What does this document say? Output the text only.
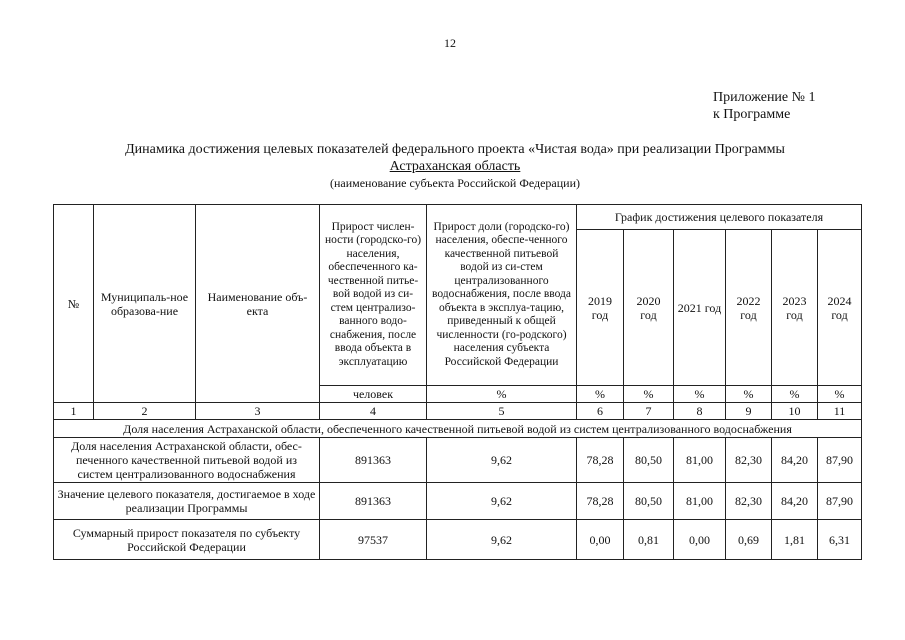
12
Приложение № 1
к Программе
Динамика достижения целевых показателей федерального проекта «Чистая вода» при реализации Программы
Астраханская область
(наименование субъекта Российской Федерации)
№	Муниципаль-ное образова-ние	Наименование объ-екта	Прирост числен-ности (городско-го) населения, обеспеченного ка-чественной питье-вой водой из си-стем централизо-ванного водо-снабжения, после ввода объекта в эксплуатацию	Прирост доли (городско-го) населения, обеспе-ченного качественной питьевой водой из си-стем централизованного водоснабжения, после ввода объекта в эксплуа-тацию, приведенный к общей численности (го-родского) населения субъекта Российской Федерации	График достижения целевого показателя					
					2019 год	2020 год	2021 год	2022 год	2023 год	2024 год
			человек	%	%	%	%	%	%	%
1	2	3	4	5	6	7	8	9	10	11
Доля населения Астраханской области, обеспеченного качественной питьевой водой из систем централизованного водоснабжения										
Доля населения Астраханской области, обес-печенного качественной питьевой водой из систем централизованного водоснабжения			891363	9,62	78,28	80,50	81,00	82,30	84,20	87,90
Значение целевого показателя, достигаемое в ходе реализации Программы			891363	9,62	78,28	80,50	81,00	82,30	84,20	87,90
Суммарный прирост показателя по субъекту Российской Федерации			97537	9,62	0,00	0,81	0,00	0,69	1,81	6,31
